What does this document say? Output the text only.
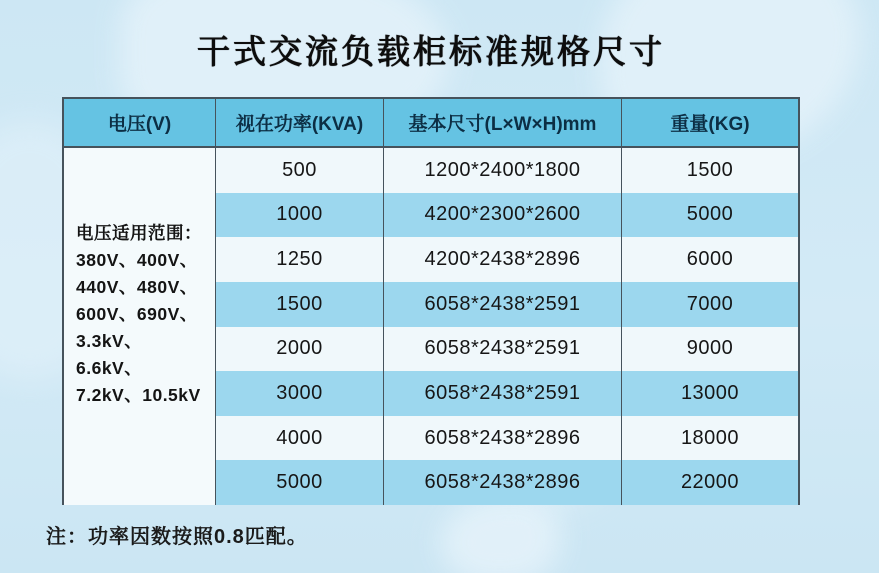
干式交流负载柜标准规格尺寸
电压(V)	视在功率(KVA)	基本尺寸(L×W×H)mm	重量(KG)
电压适用范围：
380V、400V、
440V、480V、
600V、690V、
3.3kV、6.6kV、
7.2kV、10.5kV
500	1200*2400*1800	1500
1000	4200*2300*2600	5000
1250	4200*2438*2896	6000
1500	6058*2438*2591	7000
2000	6058*2438*2591	9000
3000	6058*2438*2591	13000
4000	6058*2438*2896	18000
5000	6058*2438*2896	22000
注：功率因数按照0.8匹配。
